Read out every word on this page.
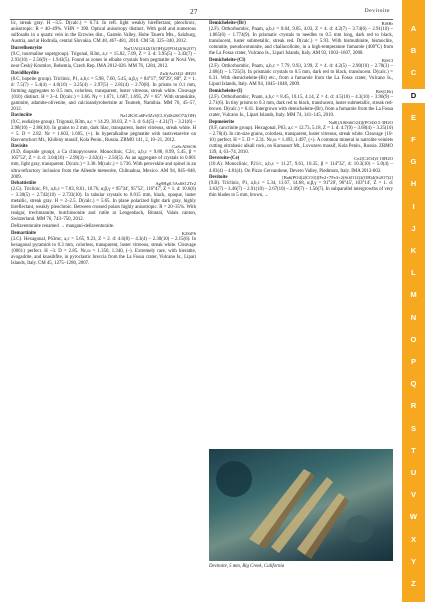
27	Devitoite
lic, streak gray. H ~3.5. D(calc.) = 6.74. In refl. light weakly bireflectant, pleochroic, anisotropic. R = 40–49%. VHN = 390. Optical anisotropy distinct. With gold and numerous sulfosalts in a quartz vein in the Erzwies dist., Gastein Valley, Hohe Tauern Mts., Salzburg, Austria, and at Hodruša, central Slovakia. CM 48, 467–481, 2010. CM 50, 325–340, 2012.
Durrelhenryite	Na(UAl)2Al2(O(OH))2(PO4)2(Si2O7)
(9.C, tourmaline supergroup). Trigonal, R3m, a,c = 15.82, 7.09, Z = 3. d: 3.95(5) – 3.43(7) – 2.93(10) – 2.56(9) – 1.943(5). Found as zones in elbaite crystals from pegmatite at Nová Ves, near Český Krumlov, Bohemia, Czech Rep. IMA 2012-026. MM 76, 1284, 2012.
Davidlloydite	Zn3(AsO4)2·4H2O
(8.C, hopeite group). Triclinic, P1, a,b,c = 5.98, 7.60, 5.45, α,β,γ = 84°17', 90°29', 88°, Z = 1. d: 7.5(7) – 5.4(4) – 4.6(10) – 3.25(4) – 2.97(5) – 2.81(4) – 2.70(8). In prisms to 0.1 mm, forming aggregates to 0.5 mm, colorless, transparent, luster vitreous, streak white. Cleavage {010} distinct. H = 3–4. D(calc.) = 3.66. Nγ = 1.671, 1.687, 1.695, 2V = 65°. With stranskiite, gaminite, adamite-olivenite, and calcioandyrobertsite at Tsumeb, Namibia. MM 76, 45–57, 2012.
Davinciite	Na12K3Ca6Fe3Zr3(Cl,S)4Si26O72(OH)
(9.C, eudialyte group). Trigonal, R3m, a,c = 14.29, 30.03, Z = 3. d: 6.4(5) – 4.31(7) – 3.21(6) – 2.98(10) – 2.86(10). In grains to 2 mm, dark lilac, transparent, luster vitreous, streak white. H = 5. D = 2.82. Nε = 1.603, 1.605, (+). In hyperalkaline pegmatite with rastsvetaevite on Rasvumchorr Mt., Khibiny massif, Kola Penin., Russia. ZRMO 141, 2, 10–21, 2012.
Davisite	CaScAlSiO6
(9.D, diopside group), a Ca clinopyroxene. Monoclinic, C2/c, a,b,c = 9.88, 8.99, 5.45, β = 105°52', Z = 4. d: 3.04(10) – 2.99(3) – 2.62(4) – 2.56(5). As an aggregate of crystals to 0.001 mm, light gray, transparent. D(calc.) = 3.38. M(calc.) = 1.736. With perovskite and spinel in an ultra-refractory inclusion from the Allende meteorite, Chihuahua, Mexico. AM 94, 845–848, 2009.
Debattistiite	Ag9Hg0.5As6S12Te2
(2.G). Triclinic, P1, a,b,c = 7.83, 8.61, 10.76, α,β,γ = 95°34', 95°52', 116°47', Z = 1. d: 10.6(6) – 3.30(5) – 2.742(10) – 2.733(10). In tabular crystals to 0.015 mm, black, opaque, luster metallic, streak gray. H = 2–2.5. D(calc.) = 5.65. In plane polarized light dark gray, highly bireflectant, weakly pleochroic. Between crossed polars highly anisotropic. R = 20–35%. With realgar, trechmannite, hutchinsonite and rutile at Lengenbach, Binntal, Valais canton, Switzerland. MM 76, 743–750, 2012.
Dellaventuraite renamed → mangani-dellaventuraite.
Demartinite	K2SiF6
(3.C). Hexagonal, P63mc, a,c = 5.65, 9.23, Z = 2. d: 4.6(8) – 4.3(4) – 2.30(10) – 2.15(6). In hexagonal pyramids to 0.3 mm, colorless, transparent, luster vitreous, streak white. Cleavage {0001} perfect. H ~3. D = 2.85. Nε,ω = 1.350, 1.340, (–). Extremely rare, with hieratite, avogadrite, and knasibfite, in pyroclastic breccia from the La Fossa crater, Vulcano Is., Lipari Islands, Italy. CM 45, 1275–1280, 2007.
Demicheleite-(Br)	BiSBr
(2.F). Orthorhombic, Pnam, a,b,c = 8.04, 9.85, 4.03, Z = 4. d: 4.2(7) – 3.74(6) – 2.91(10) – 1.865(6) – 1.774(9). In prismatic crystals to needles to 0.5 mm long, dark red to black, translucent, luster submetallic, streak red. D(calc.) = 5.93. With bismuthinite, bismoclite, cotunnite, pseudocotunnite, and challacolloite, in a high-temperature fumarole (400°C) from the La Fossa crater, Vulcano Is., Lipari Islands, Italy. AM 93, 1603–1607, 2008.
Demicheleite-(Cl)	BiSCl
(2.F). Orthorhombic, Pnam, a,b,c = 7.79, 9.93, 3.99, Z = 4. d: 4.2(5) – 2.90(10) – 2.78(3) – 2.68(4) – 1.725(3). In prismatic crystals to 0.5 mm, dark red to black, translucent. D(calc.) = 6.31. With demicheleite-(Br) etc., from a fumarole from the La Fossa crater, Vulcano Is., Lipari Islands, Italy. AM 94, 1045–1048, 2009.
Demicheleite-(I)	BiS(I,Br)
(2.F). Orthorhombic, Pnam, a,b,c = 8.45, 10.15, 4.14, Z = 4. d: 4.5(10) – 4.3(10) – 3.96(9) – 2.71(6). In tiny prisms to 0.3 mm, dark red to black, translucent, luster submetallic, streak red-brown. D(calc.) = 6.41. Intergrown with demicheleite-(Br), from a fumarole from the La Fossa crater, Vulcano Is., Lipari Islands, Italy. MM 74, 141–145, 2010.
Depmeierite	Na8[(Al6Si6O24)](PO4)0.5·3H2O
(9.F, cancrinite group). Hexagonal, P63, a,c = 12.73, 5.18, Z = 1. d: 4.7(9) – 3.68(4) – 3.25(10) – 2.76(4). In cm-size grains, colorless, transparent, luster vitreous, streak white. Cleavage {10-10} perfect. H = 5. D = 2.31. Nε,ω = 1.493, 1.497, (+). A common mineral in natrolite veinlets cutting ultrabasic alkali rock, on Karnasurt Mt., Lovozero massif, Kola Penin., Russia. ZRMO 139, 4, 63–74, 2010.
Deveroite-(Ce)	Ce2(C2O4)3·10H2O
(10.A). Monoclinic, P21/c, a,b,c = 11.27, 9.61, 10.35, β = 114°32', d: 10.3(10) – 5.0(4) – 4.83(4) – 4.81(4). On Pizzo Cervandone, Devero Valley, Piedmont, Italy. IMA 2013-003.
Devitoite	[Ba6(PO4)2(CO3)][Fe2+7Fe3+2(Si4O12)2(OH)4(Si2O7)2]
(9.B). Triclinic, P1, a,b,c = 5.34, 11.67, 14.68, α,β,γ = 91°20', 96°45', 103°14', Z = 1. d: 3.63(7) – 3.46(7) – 2.91(10) – 2.67(10) – 2.09(7) – 1.56(7). In subparallel intergrowths of very thin blades to 5 mm, brown, ...
Devitoite, 5 mm, Big Creek, California
A
B
C
D
E
F
G
H
I
J
K
L
M
N
O
P
Q
R
S
T
U
V
W
X
Y
Z
